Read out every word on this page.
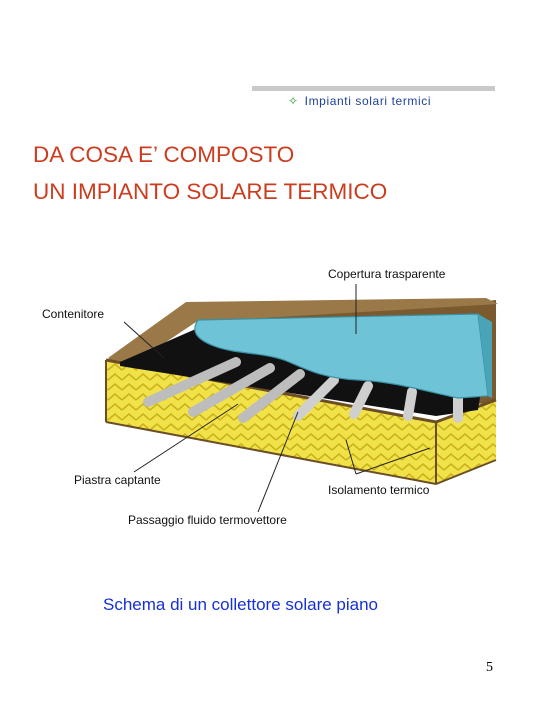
✧ Impianti solari termici
DA COSA E’ COMPOSTO
UN IMPIANTO SOLARE TERMICO
Copertura trasparente
Contenitore
Piastra captante
Isolamento termico
Passaggio fluido termovettore
Schema di un collettore solare piano
5
